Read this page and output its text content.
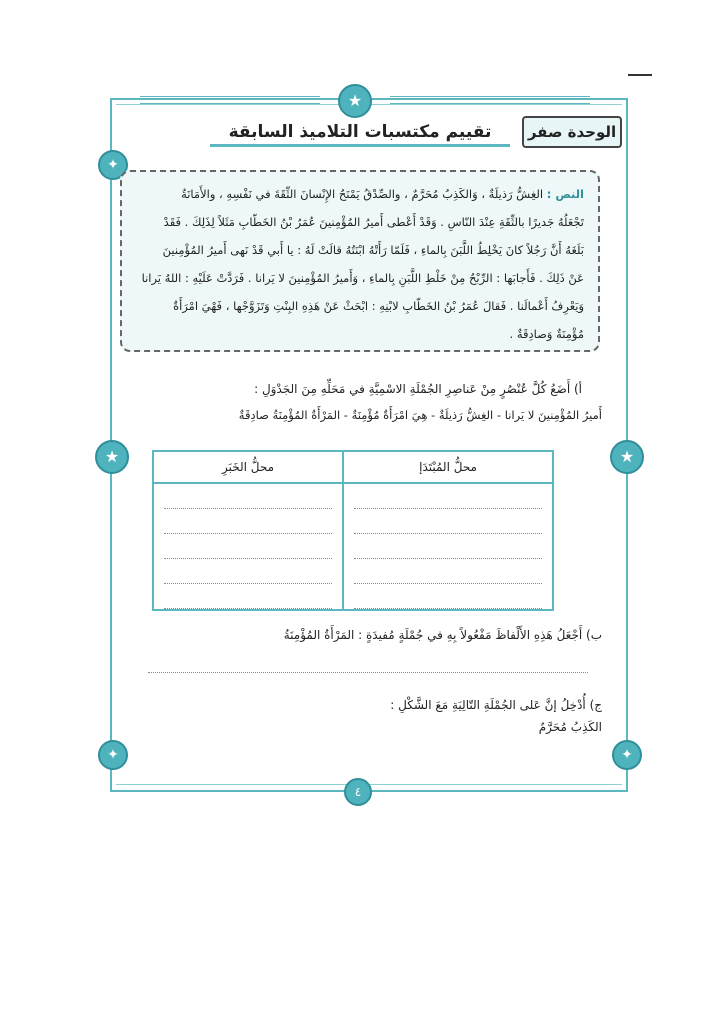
★
★	★
✦
✦	✦
الوحدة صفر
تقييم مكتسبات التلاميذ السابقة
النص : الغِشُّ رَذيلَةٌ ، وَالكَذِبُ مُحَرَّمٌ ، والصِّدْقُ يَمْنَحُ الإِنْسانَ الثِّقَةَ في نَفْسِهِ ، والأَمَانَةُ
تَجْعَلُهُ جَديرًا بالثِّقَةِ عِنْدَ النّاسِ . وَقَدْ أَعْطى أَميرُ المُؤْمِنينَ عُمَرُ بْنُ الخَطّابِ مَثَلاً لِذَلِكَ . فَقَدْ
بَلَغَهُ أَنَّ رَجُلاً كانَ يَخْلِطُ اللَّبَنَ بِالماءِ ، فَلَمّا رَأَتْهُ ابْنَتُهُ قالَتْ لَهُ : يا أَبي قَدْ نَهى أَميرُ المُؤْمِنينَ
عَنْ ذَلِكَ . فَأَجابَها : الرِّبْحُ مِنْ خَلْطِ اللَّبَنِ بِالماءِ ، وَأَميرُ المُؤْمِنينَ لا يَرانا . فَرَدَّتْ عَلَيْهِ : اللهُ يَرانا
وَيَعْرِفُ أَعْمالَنا . فَقالَ عُمَرُ بْنُ الخَطّابِ لابْنِهِ : ابْحَثْ عَنْ هَذِهِ البِنْتِ وَتَزَوَّجْها ، فَهْيَ امْرَأَةٌ
مُؤْمِنَةٌ وَصادِقَةٌ .
أ) أَضَعُ كُلَّ عُنْصُرٍ مِنْ عَناصِرِ الجُمْلَةِ الاسْمِيَّةِ في مَحَلِّهِ مِنَ الجَدْوَلِ :
أَميرُ المُؤْمِنينَ لا يَرانا - الغِشُّ رَذيلَةٌ - هِيَ امْرَأَةٌ مُؤْمِنَةٌ - المَرْأَةُ المُؤْمِنَةُ صادِقَةٌ
محلُّ الخَبَرِ	محلُّ المُبْتَدَإ

ب) أَجْعَلُ هَذِهِ الأَلْفاظَ مَفْعُولاً بِهِ في جُمْلَةٍ مُفيدَةٍ : المَرْأَةُ المُؤْمِنَةُ
ج) أُدْخِلُ إنَّ عَلى الجُمْلَةِ التّالِيَةِ مَعَ الشَّكْلِ :
الكَذِبُ مُحَرَّمٌ
٤
